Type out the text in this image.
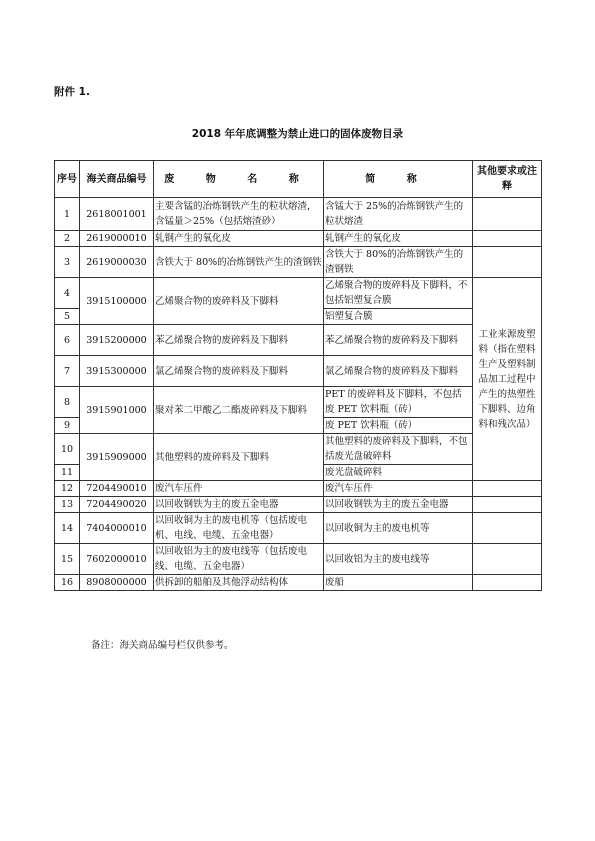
附件 1.
2018 年年底调整为禁止进口的固体废物目录
序号	海关商品编号	废 物 名 称	简 称	其他要求或注释
1	2618001001	主要含锰的冶炼钢铁产生的粒状熔渣，含锰量＞25%（包括熔渣砂）	含锰大于 25%的冶炼钢铁产生的粒状熔渣	
2	2619000010	轧钢产生的氧化皮	轧钢产生的氧化皮	
3	2619000030	含铁大于 80%的冶炼钢铁产生的渣钢铁	含铁大于 80%的冶炼钢铁产生的渣钢铁	
4	3915100000	乙烯聚合物的废碎料及下脚料	乙烯聚合物的废碎料及下脚料，不包括铝塑复合膜	工业来源废塑料（指在塑料生产及塑料制品加工过程中产生的热塑性下脚料、边角料和残次品）
5			铝塑复合膜	
6	3915200000	苯乙烯聚合物的废碎料及下脚料	苯乙烯聚合物的废碎料及下脚料	
7	3915300000	氯乙烯聚合物的废碎料及下脚料	氯乙烯聚合物的废碎料及下脚料	
8	3915901000	聚对苯二甲酸乙二酯废碎料及下脚料	PET 的废碎料及下脚料，不包括废 PET 饮料瓶（砖）	
9			废 PET 饮料瓶（砖）	
10	3915909000	其他塑料的废碎料及下脚料	其他塑料的废碎料及下脚料，不包括废光盘破碎料	
11			废光盘破碎料	
12	7204490010	废汽车压件	废汽车压件	
13	7204490020	以回收钢铁为主的废五金电器	以回收钢铁为主的废五金电器	
14	7404000010	以回收铜为主的废电机等（包括废电机、电线、电缆、五金电器）	以回收铜为主的废电机等	
15	7602000010	以回收铝为主的废电线等（包括废电线、电缆、五金电器）	以回收铝为主的废电线等	
16	8908000000	供拆卸的船舶及其他浮动结构体	废船	
备注：海关商品编号栏仅供参考。
